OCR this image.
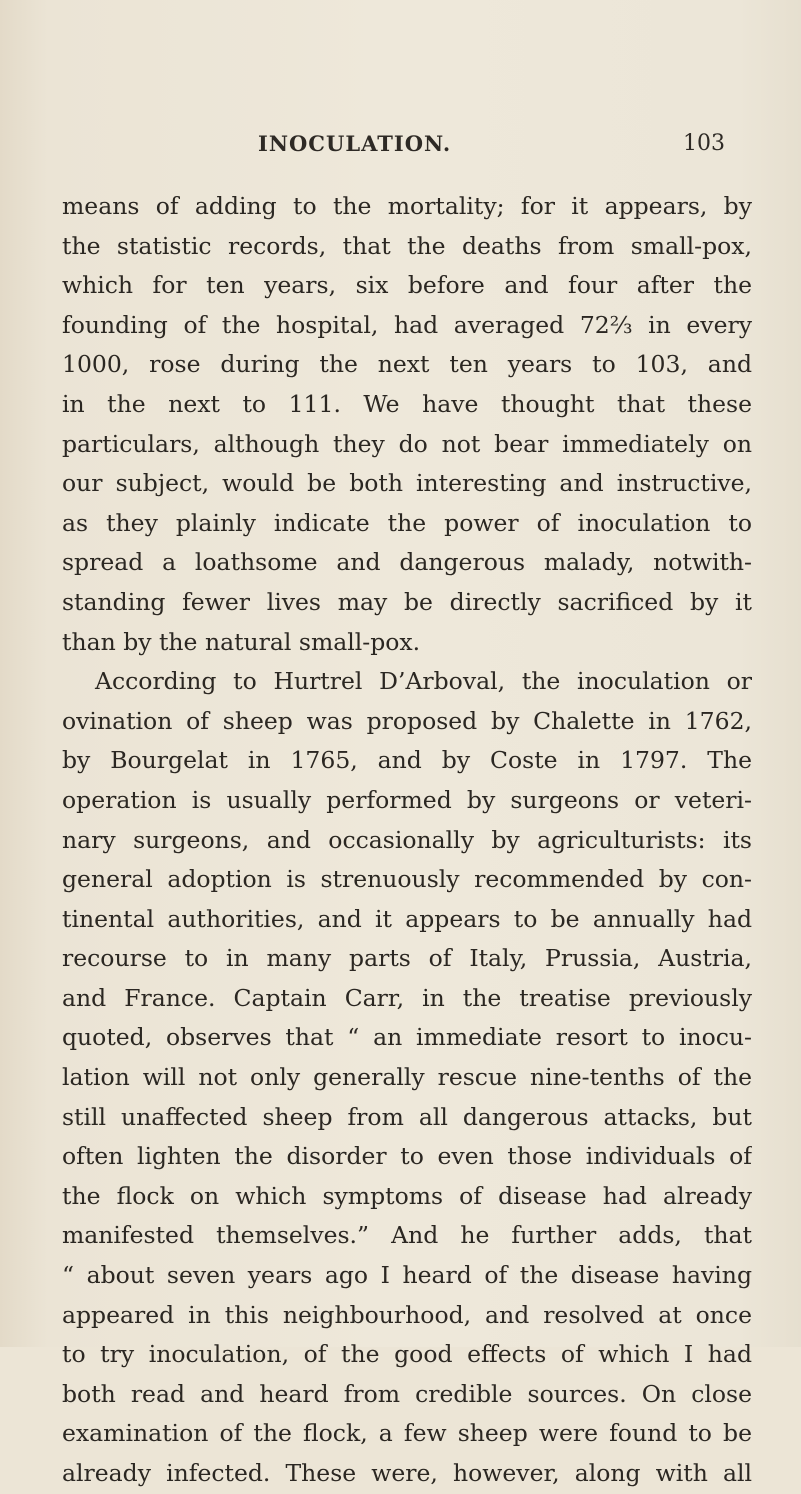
INOCULATION.	103
means of adding to the mortality; for it appears, by
the statistic records, that the deaths from small-pox,
which for ten years, six before and four after the
founding of the hospital, had averaged 72⅔ in every
1000, rose during the next ten years to 103, and
in the next to 111. We have thought that these
particulars, although they do not bear immediately on
our subject, would be both interesting and instructive,
as they plainly indicate the power of inoculation to
spread a loathsome and dangerous malady, notwith-
standing fewer lives may be directly sacrificed by it
than by the natural small-pox.
According to Hurtrel D’Arboval, the inoculation or
ovination of sheep was proposed by Chalette in 1762,
by Bourgelat in 1765, and by Coste in 1797. The
operation is usually performed by surgeons or veteri-
nary surgeons, and occasionally by agriculturists: its
general adoption is strenuously recommended by con-
tinental authorities, and it appears to be annually had
recourse to in many parts of Italy, Prussia, Austria,
and France. Captain Carr, in the treatise previously
quoted, observes that “ an immediate resort to inocu-
lation will not only generally rescue nine-tenths of the
still unaffected sheep from all dangerous attacks, but
often lighten the disorder to even those individuals of
the flock on which symptoms of disease had already
manifested themselves.” And he further adds, that
“ about seven years ago I heard of the disease having
appeared in this neighbourhood, and resolved at once
to try inoculation, of the good effects of which I had
both read and heard from credible sources. On close
examination of the flock, a few sheep were found to be
already infected. These were, however, along with all
